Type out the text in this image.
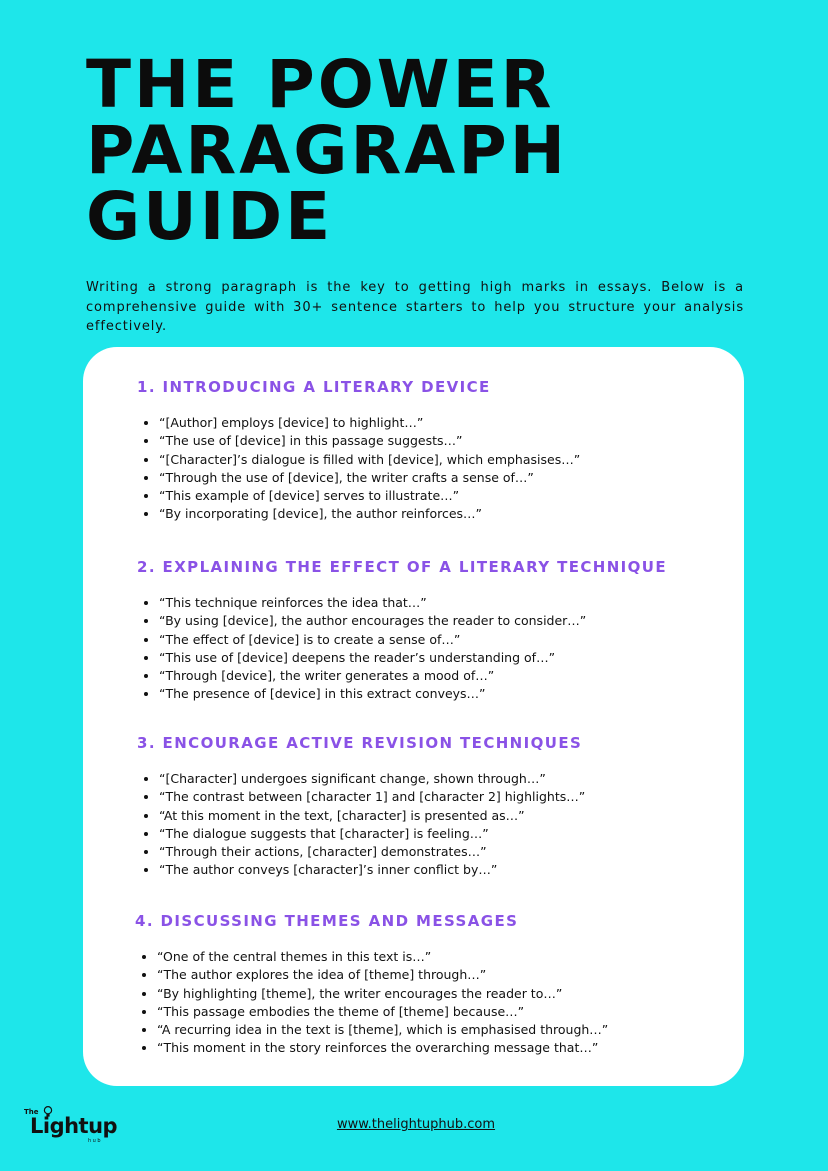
THE POWER
PARAGRAPH
GUIDE

Writing a strong paragraph is the key to getting high marks in essays. Below is a comprehensive guide with 30+ sentence starters to help you structure your analysis effectively.

1. INTRODUCING A LITERARY DEVICE
• “[Author] employs [device] to highlight…”
• “The use of [device] in this passage suggests…”
• “[Character]’s dialogue is filled with [device], which emphasises…”
• “Through the use of [device], the writer crafts a sense of…”
• “This example of [device] serves to illustrate…”
• “By incorporating [device], the author reinforces…”
2. EXPLAINING THE EFFECT OF A LITERARY TECHNIQUE
• “This technique reinforces the idea that…”
• “By using [device], the author encourages the reader to consider…”
• “The effect of [device] is to create a sense of…”
• “This use of [device] deepens the reader’s understanding of…”
• “Through [device], the writer generates a mood of…”
• “The presence of [device] in this extract conveys…”
3. ENCOURAGE ACTIVE REVISION TECHNIQUES
• “[Character] undergoes significant change, shown through…”
• “The contrast between [character 1] and [character 2] highlights…”
• “At this moment in the text, [character] is presented as…”
• “The dialogue suggests that [character] is feeling…”
• “Through their actions, [character] demonstrates…”
• “The author conveys [character]’s inner conflict by…”
4. DISCUSSING THEMES AND MESSAGES
• “One of the central themes in this text is…”
• “The author explores the idea of [theme] through…”
• “By highlighting [theme], the writer encourages the reader to…”
• “This passage embodies the theme of [theme] because…”
• “A recurring idea in the text is [theme], which is emphasised through…”
• “This moment in the story reinforces the overarching message that…”
The
Lightup
hub
www.thelightuphub.com
